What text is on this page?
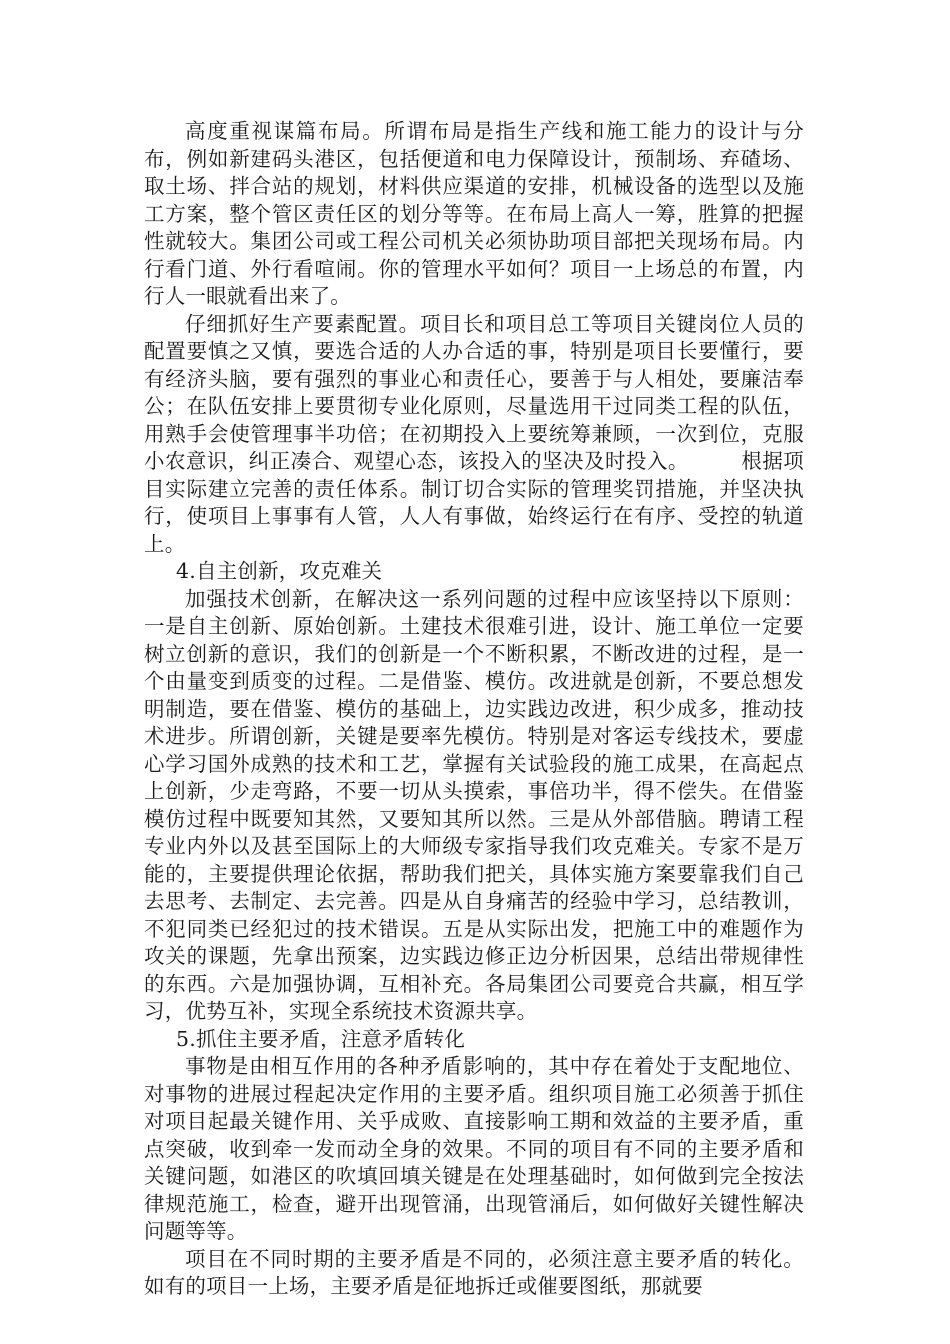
高度重视谋篇布局。所谓布局是指生产线和施工能力的设计与分布，例如新建码头港区，包括便道和电力保障设计，预制场、弃碴场、取土场、拌合站的规划，材料供应渠道的安排，机械设备的选型以及施工方案，整个管区责任区的划分等等。在布局上高人一筹，胜算的把握性就较大。集团公司或工程公司机关必须协助项目部把关现场布局。内行看门道、外行看喧闹。你的管理水平如何？项目一上场总的布置，内行人一眼就看出来了。

仔细抓好生产要素配置。项目长和项目总工等项目关键岗位人员的配置要慎之又慎，要选合适的人办合适的事，特别是项目长要懂行，要有经济头脑，要有强烈的事业心和责任心，要善于与人相处，要廉洁奉公；在队伍安排上要贯彻专业化原则，尽量选用干过同类工程的队伍，用熟手会使管理事半功倍；在初期投入上要统筹兼顾，一次到位，克服小农意识，纠正凑合、观望心态，该投入的坚决及时投入。　　　根据项目实际建立完善的责任体系。制订切合实际的管理奖罚措施，并坚决执行，使项目上事事有人管，人人有事做，始终运行在有序、受控的轨道上。

4.自主创新，攻克难关

加强技术创新，在解决这一系列问题的过程中应该坚持以下原则：一是自主创新、原始创新。土建技术很难引进，设计、施工单位一定要树立创新的意识，我们的创新是一个不断积累，不断改进的过程，是一个由量变到质变的过程。二是借鉴、模仿。改进就是创新，不要总想发明制造，要在借鉴、模仿的基础上，边实践边改进，积少成多，推动技术进步。所谓创新，关键是要率先模仿。特别是对客运专线技术，要虚心学习国外成熟的技术和工艺，掌握有关试验段的施工成果，在高起点上创新，少走弯路，不要一切从头摸索，事倍功半，得不偿失。在借鉴模仿过程中既要知其然，又要知其所以然。三是从外部借脑。聘请工程专业内外以及甚至国际上的大师级专家指导我们攻克难关。专家不是万能的，主要提供理论依据，帮助我们把关，具体实施方案要靠我们自己去思考、去制定、去完善。四是从自身痛苦的经验中学习，总结教训，不犯同类已经犯过的技术错误。五是从实际出发，把施工中的难题作为攻关的课题，先拿出预案，边实践边修正边分析因果，总结出带规律性的东西。六是加强协调，互相补充。各局集团公司要竞合共赢，相互学习，优势互补，实现全系统技术资源共享。

5.抓住主要矛盾，注意矛盾转化

事物是由相互作用的各种矛盾影响的，其中存在着处于支配地位、对事物的进展过程起决定作用的主要矛盾。组织项目施工必须善于抓住对项目起最关键作用、关乎成败、直接影响工期和效益的主要矛盾，重点突破，收到牵一发而动全身的效果。不同的项目有不同的主要矛盾和关键问题，如港区的吹填回填关键是在处理基础时，如何做到完全按法律规范施工，检查，避开出现管涌，出现管涌后，如何做好关键性解决问题等等。

项目在不同时期的主要矛盾是不同的，必须注意主要矛盾的转化。如有的项目一上场，主要矛盾是征地拆迁或催要图纸，那就要
